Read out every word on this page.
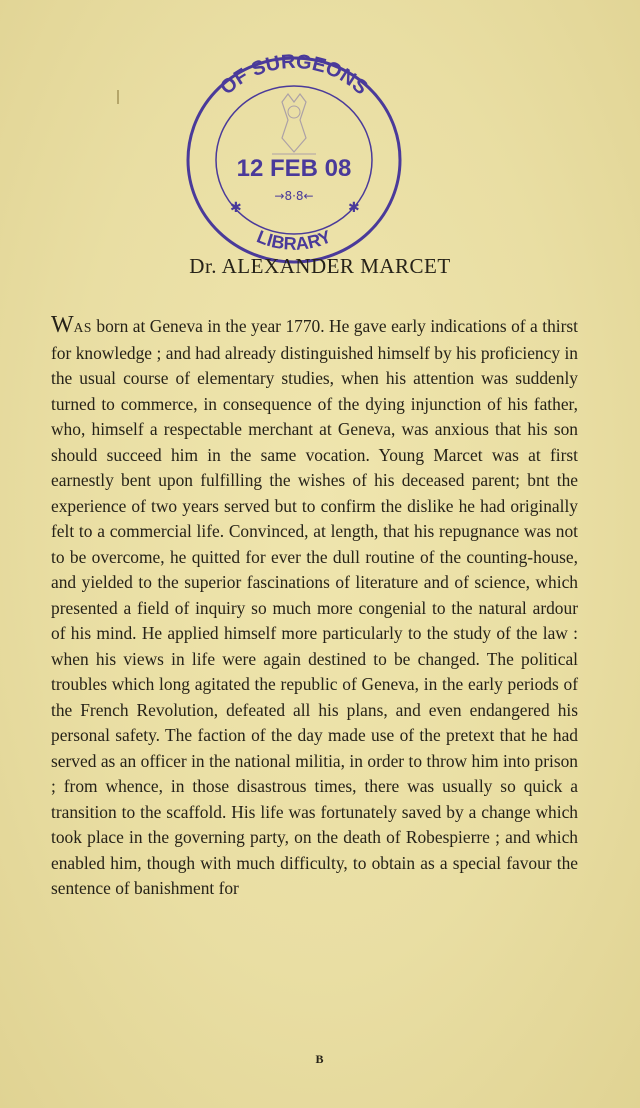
OF SURGEONS
LIBRARY
12 FEB 08
→8·8←
✱	✱
Dr. ALEXANDER MARCET
WAS born at Geneva in the year 1770. He gave early indications of a thirst for knowledge ; and had already distinguished himself by his proficiency in the usual course of elementary studies, when his attention was suddenly turned to commerce, in consequence of the dying injunction of his father, who, himself a respectable merchant at Geneva, was anxious that his son should succeed him in the same vocation. Young Marcet was at first earnestly bent upon fulfilling the wishes of his deceased parent; bnt the experience of two years served but to confirm the dislike he had originally felt to a commercial life. Convinced, at length, that his repugnance was not to be overcome, he quitted for ever the dull routine of the counting-house, and yielded to the superior fascinations of literature and of science, which presented a field of inquiry so much more congenial to the natural ardour of his mind. He applied himself more particularly to the study of the law : when his views in life were again destined to be changed. The political troubles which long agitated the republic of Geneva, in the early periods of the French Revolution, defeated all his plans, and even endangered his personal safety. The faction of the day made use of the pretext that he had served as an officer in the national militia, in order to throw him into prison ; from whence, in those disastrous times, there was usually so quick a transition to the scaffold. His life was fortunately saved by a change which took place in the governing party, on the death of Robespierre ; and which enabled him, though with much difficulty, to obtain as a special favour the sentence of banishment for
B
